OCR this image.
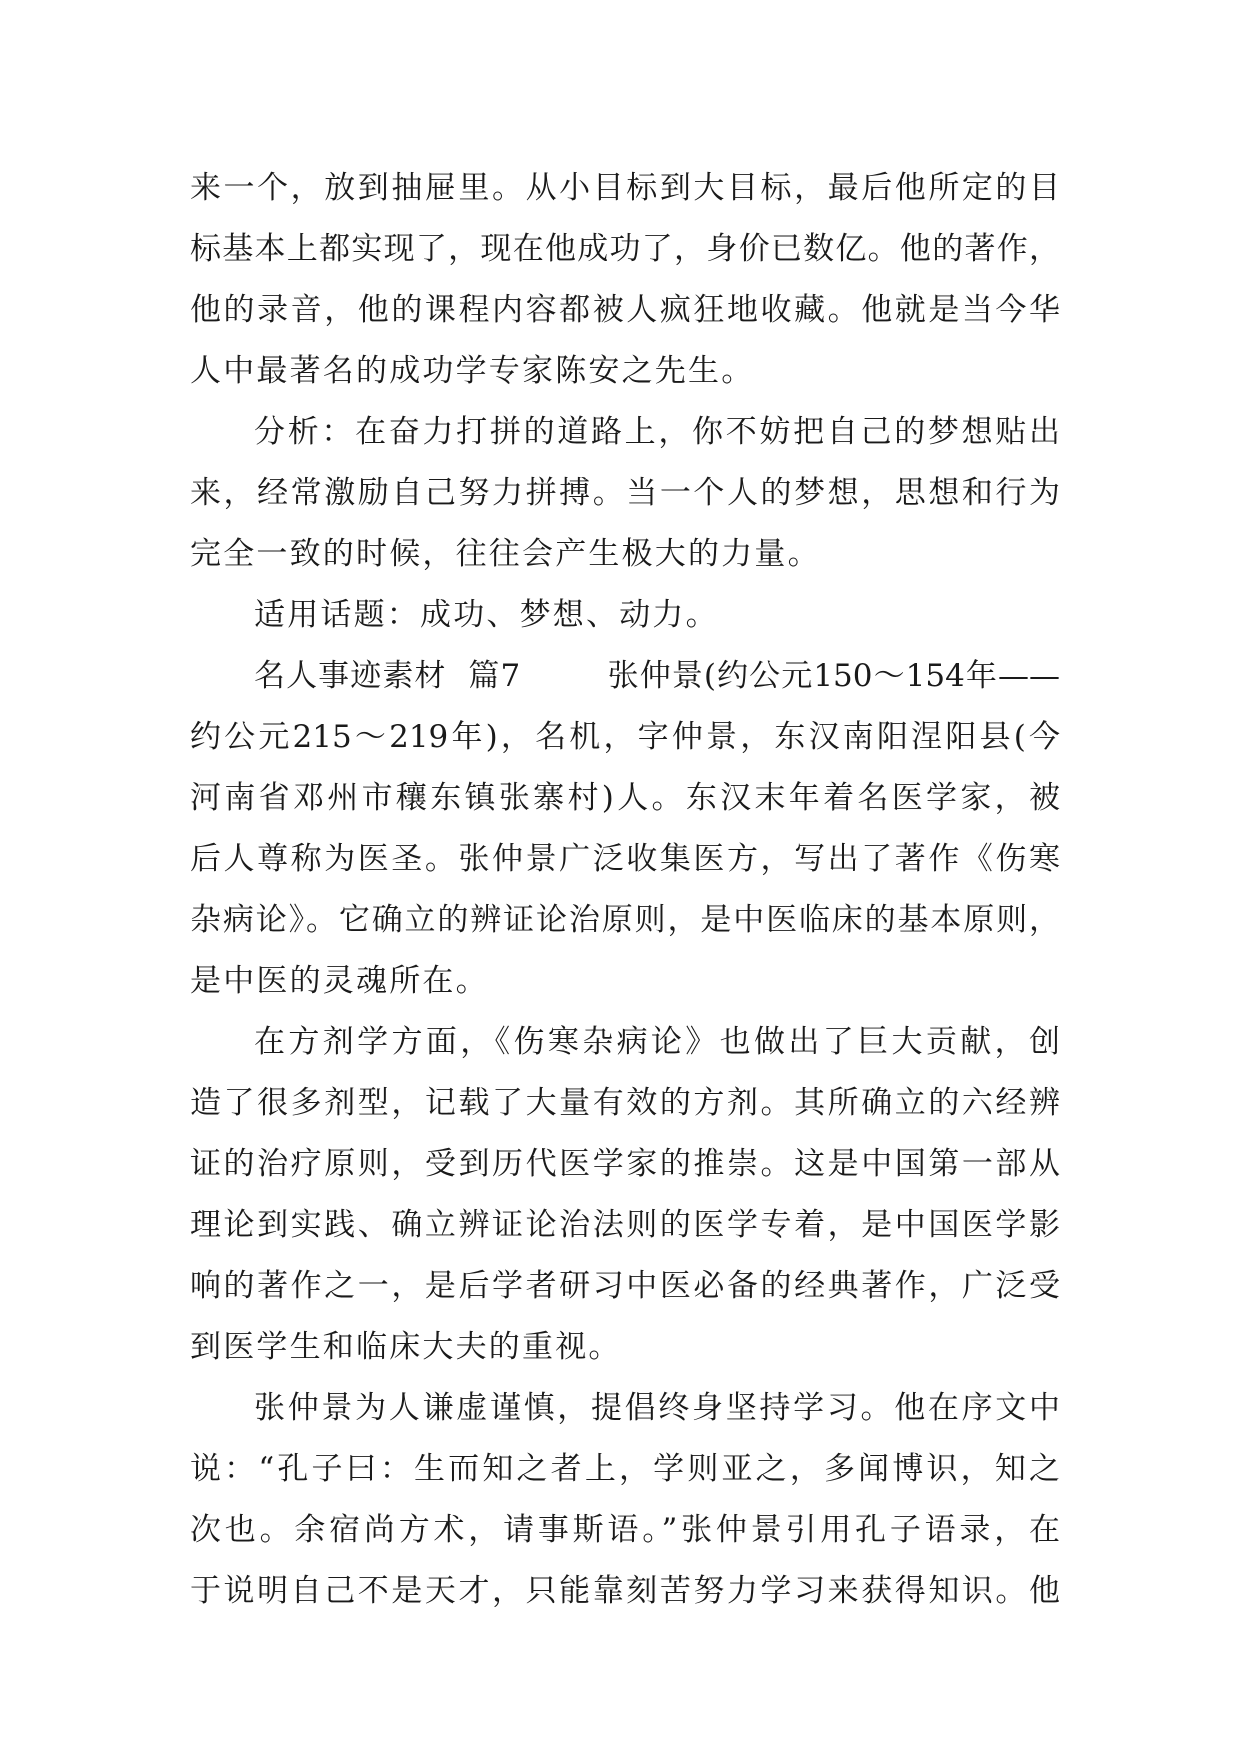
来一个，放到抽屉里。从小目标到大目标，最后他所定的目
标基本上都实现了，现在他成功了，身价已数亿。他的著作，
他的录音，他的课程内容都被人疯狂地收藏。他就是当今华
人中最著名的成功学专家陈安之先生。
分析：在奋力打拼的道路上，你不妨把自己的梦想贴出
来，经常激励自己努力拼搏。当一个人的梦想，思想和行为
完全一致的时候，往往会产生极大的力量。
适用话题：成功、梦想、动力。
名人事迹素材  篇7        张仲景(约公元150～154年——
约公元215～219年)，名机，字仲景，东汉南阳涅阳县(今
河南省邓州市穰东镇张寨村)人。东汉末年着名医学家，被
后人尊称为医圣。张仲景广泛收集医方，写出了著作《伤寒
杂病论》。它确立的辨证论治原则，是中医临床的基本原则，
是中医的灵魂所在。
在方剂学方面，《伤寒杂病论》也做出了巨大贡献，创
造了很多剂型，记载了大量有效的方剂。其所确立的六经辨
证的治疗原则，受到历代医学家的推崇。这是中国第一部从
理论到实践、确立辨证论治法则的医学专着，是中国医学影
响的著作之一，是后学者研习中医必备的经典著作，广泛受
到医学生和临床大夫的重视。
张仲景为人谦虚谨慎，提倡终身坚持学习。他在序文中
说：“孔子曰：生而知之者上，学则亚之，多闻博识，知之
次也。余宿尚方术，请事斯语。”张仲景引用孔子语录，在
于说明自己不是天才，只能靠刻苦努力学习来获得知识。他
